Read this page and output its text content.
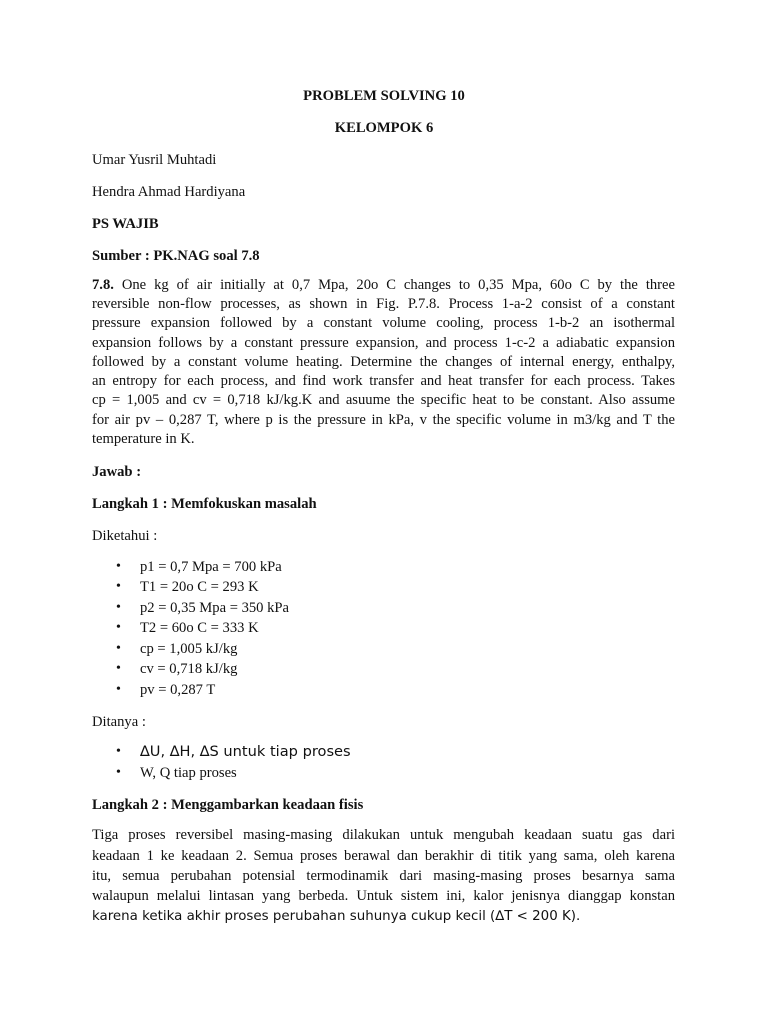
PROBLEM SOLVING 10
KELOMPOK 6
Umar Yusril Muhtadi
Hendra Ahmad Hardiyana
PS WAJIB
Sumber : PK.NAG soal 7.8
7.8. One kg of air initially at 0,7 Mpa, 20o C changes to 0,35 Mpa, 60o C by the three
reversible non-flow processes, as shown in Fig. P.7.8. Process 1-a-2 consist of a constant
pressure expansion followed by a constant volume cooling, process 1-b-2 an isothermal
expansion follows by a constant pressure expansion, and process 1-c-2 a adiabatic expansion
followed by a constant volume heating. Determine the changes of internal energy, enthalpy,
an entropy for each process, and find work transfer and heat transfer for each process. Takes
cp = 1,005 and cv = 0,718 kJ/kg.K and asuume the specific heat to be constant. Also assume
for air pv – 0,287 T, where p is the pressure in kPa, v the specific volume in m3/kg and T the
temperature in K.
Jawab :
Langkah 1 : Memfokuskan masalah
Diketahui :
• p1 = 0,7 Mpa = 700 kPa
• T1 = 20o C = 293 K
• p2 = 0,35 Mpa = 350 kPa
• T2 = 60o C = 333 K
• cp = 1,005 kJ/kg
• cv = 0,718 kJ/kg
• pv = 0,287 T
Ditanya :
• ∆U, ∆H, ∆S untuk tiap proses
• W, Q tiap proses
Langkah 2 : Menggambarkan keadaan fisis
Tiga proses reversibel masing-masing dilakukan untuk mengubah keadaan suatu gas dari
keadaan 1 ke keadaan 2. Semua proses berawal dan berakhir di titik yang sama, oleh karena
itu, semua perubahan potensial termodinamik dari masing-masing proses besarnya sama
walaupun melalui lintasan yang berbeda. Untuk sistem ini, kalor jenisnya dianggap konstan
karena ketika akhir proses perubahan suhunya cukup kecil (∆T < 200 K).
